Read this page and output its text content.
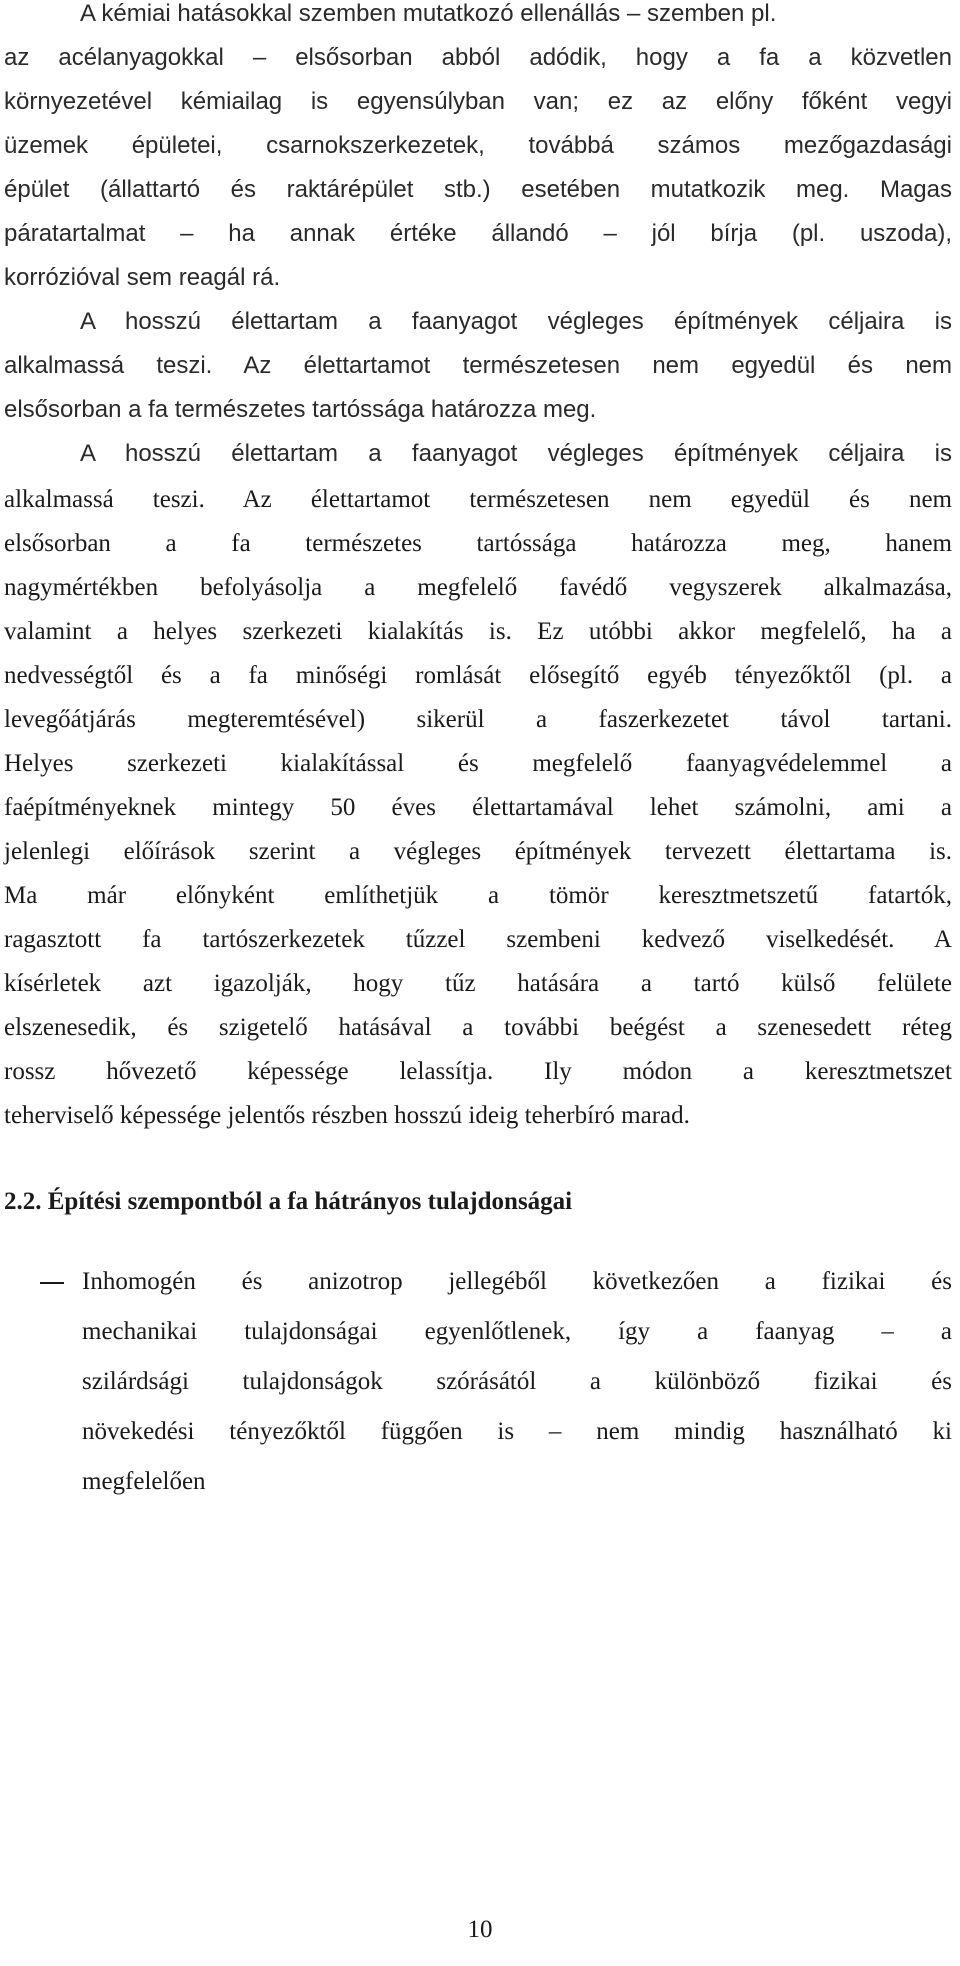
A kémiai hatásokkal szemben mutatkozó ellenállás – szemben pl.
az acélanyagokkal – elsősorban abból adódik, hogy a fa a közvetlen
környezetével kémiailag is egyensúlyban van; ez az előny főként vegyi
üzemek épületei, csarnokszerkezetek, továbbá számos mezőgazdasági
épület (állattartó és raktárépület stb.) esetében mutatkozik meg. Magas
páratartalmat – ha annak értéke állandó – jól bírja (pl. uszoda),
korrózióval sem reagál rá.
A hosszú élettartam a faanyagot végleges építmények céljaira is
alkalmassá teszi. Az élettartamot természetesen nem egyedül és nem
elsősorban a fa természetes tartóssága határozza meg.
A hosszú élettartam a faanyagot végleges építmények céljaira is
alkalmassá teszi. Az élettartamot természetesen nem egyedül és nem
elsősorban a fa természetes tartóssága határozza meg, hanem
nagymértékben befolyásolja a megfelelő favédő vegyszerek alkalmazása,
valamint a helyes szerkezeti kialakítás is. Ez utóbbi akkor megfelelő, ha a
nedvességtől és a fa minőségi romlását elősegítő egyéb tényezőktől (pl. a
levegőátjárás megteremtésével) sikerül a faszerkezetet távol tartani.
Helyes szerkezeti kialakítással és megfelelő faanyagvédelemmel a
faépítményeknek mintegy 50 éves élettartamával lehet számolni, ami a
jelenlegi előírások szerint a végleges építmények tervezett élettartama is.
Ma már előnyként említhetjük a tömör keresztmetszetű fatartók,
ragasztott fa tartószerkezetek tűzzel szembeni kedvező viselkedését. A
kísérletek azt igazolják, hogy tűz hatására a tartó külső felülete
elszenesedik, és szigetelő hatásával a további beégést a szenesedett réteg
rossz hővezető képessége lelassítja. Ily módon a keresztmetszet
teherviselő képessége jelentős részben hosszú ideig teherbíró marad.
2.2. Építési szempontból a fa hátrányos tulajdonságai
Inhomogén és anizotrop jellegéből következően a fizikai és
mechanikai tulajdonságai egyenlőtlenek, így a faanyag – a
szilárdsági tulajdonságok szórásától a különböző fizikai és
növekedési tényezőktől függően is – nem mindig használható ki
megfelelően
10
